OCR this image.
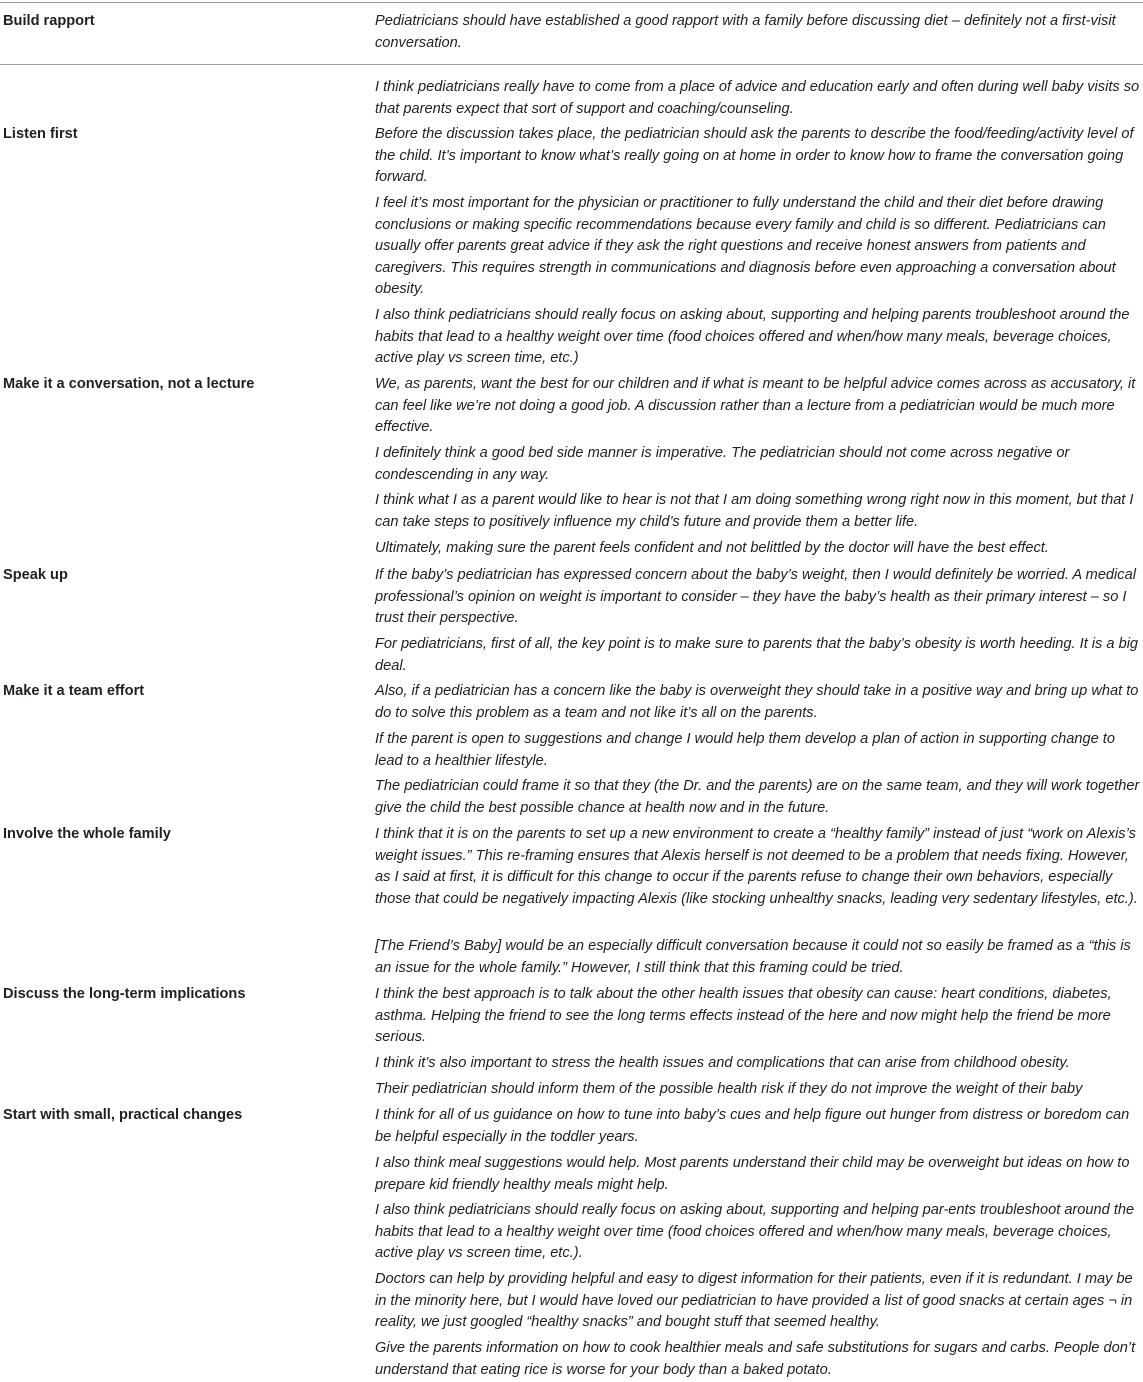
Build rapport	Pediatricians should have established a good rapport with a family before discussing diet – definitely not a first-visit conversation.
I think pediatricians really have to come from a place of advice and education early and often during well baby visits so that parents expect that sort of support and coaching/counseling.
Listen first	Before the discussion takes place, the pediatrician should ask the parents to describe the food/feeding/activity level of the child. It’s important to know what’s really going on at home in order to know how to frame the conversation going forward.
I feel it’s most important for the physician or practitioner to fully understand the child and their diet before drawing conclusions or making specific recommendations because every family and child is so different. Pediatricians can usually offer parents great advice if they ask the right questions and receive honest answers from patients and caregivers. This requires strength in communications and diagnosis before even approaching a conversation about obesity.
I also think pediatricians should really focus on asking about, supporting and helping parents troubleshoot around the habits that lead to a healthy weight over time (food choices offered and when/how many meals, beverage choices, active play vs screen time, etc.)
Make it a conversation, not a lecture	We, as parents, want the best for our children and if what is meant to be helpful advice comes across as accusatory, it can feel like we’re not doing a good job. A discussion rather than a lecture from a pediatrician would be much more effective.
I definitely think a good bed side manner is imperative. The pediatrician should not come across negative or condescending in any way.
I think what I as a parent would like to hear is not that I am doing something wrong right now in this moment, but that I can take steps to positively influence my child’s future and provide them a better life.
Ultimately, making sure the parent feels confident and not belittled by the doctor will have the best effect.
Speak up	If the baby’s pediatrician has expressed concern about the baby’s weight, then I would definitely be worried. A medical professional’s opinion on weight is important to consider – they have the baby’s health as their primary interest – so I trust their perspective.
For pediatricians, first of all, the key point is to make sure to parents that the baby’s obesity is worth heeding. It is a big deal.
Make it a team effort	Also, if a pediatrician has a concern like the baby is overweight they should take in a positive way and bring up what to do to solve this problem as a team and not like it’s all on the parents.
If the parent is open to suggestions and change I would help them develop a plan of action in supporting change to lead to a healthier lifestyle.
The pediatrician could frame it so that they (the Dr. and the parents) are on the same team, and they will work together give the child the best possible chance at health now and in the future.
Involve the whole family	I think that it is on the parents to set up a new environment to create a “healthy family” instead of just “work on Alexis’s weight issues.” This re-framing ensures that Alexis herself is not deemed to be a problem that needs fixing. However, as I said at first, it is difficult for this change to occur if the parents refuse to change their own behaviors, especially those that could be negatively impacting Alexis (like stocking unhealthy snacks, leading very sedentary lifestyles, etc.).
[The Friend’s Baby] would be an especially difficult conversation because it could not so easily be framed as a “this is an issue for the whole family.” However, I still think that this framing could be tried.
Discuss the long-term implications	I think the best approach is to talk about the other health issues that obesity can cause: heart conditions, diabetes, asthma. Helping the friend to see the long terms effects instead of the here and now might help the friend be more serious.
I think it’s also important to stress the health issues and complications that can arise from childhood obesity.
Their pediatrician should inform them of the possible health risk if they do not improve the weight of their baby
Start with small, practical changes	I think for all of us guidance on how to tune into baby’s cues and help figure out hunger from distress or boredom can be helpful especially in the toddler years.
I also think meal suggestions would help. Most parents understand their child may be overweight but ideas on how to prepare kid friendly healthy meals might help.
I also think pediatricians should really focus on asking about, supporting and helping par-ents troubleshoot around the habits that lead to a healthy weight over time (food choices offered and when/how many meals, beverage choices, active play vs screen time, etc.).
Doctors can help by providing helpful and easy to digest information for their patients, even if it is redundant. I may be in the minority here, but I would have loved our pediatrician to have provided a list of good snacks at certain ages ¬ in reality, we just googled “healthy snacks” and bought stuff that seemed healthy.
Give the parents information on how to cook healthier meals and safe substitutions for sugars and carbs. People don’t understand that eating rice is worse for your body than a baked potato.
